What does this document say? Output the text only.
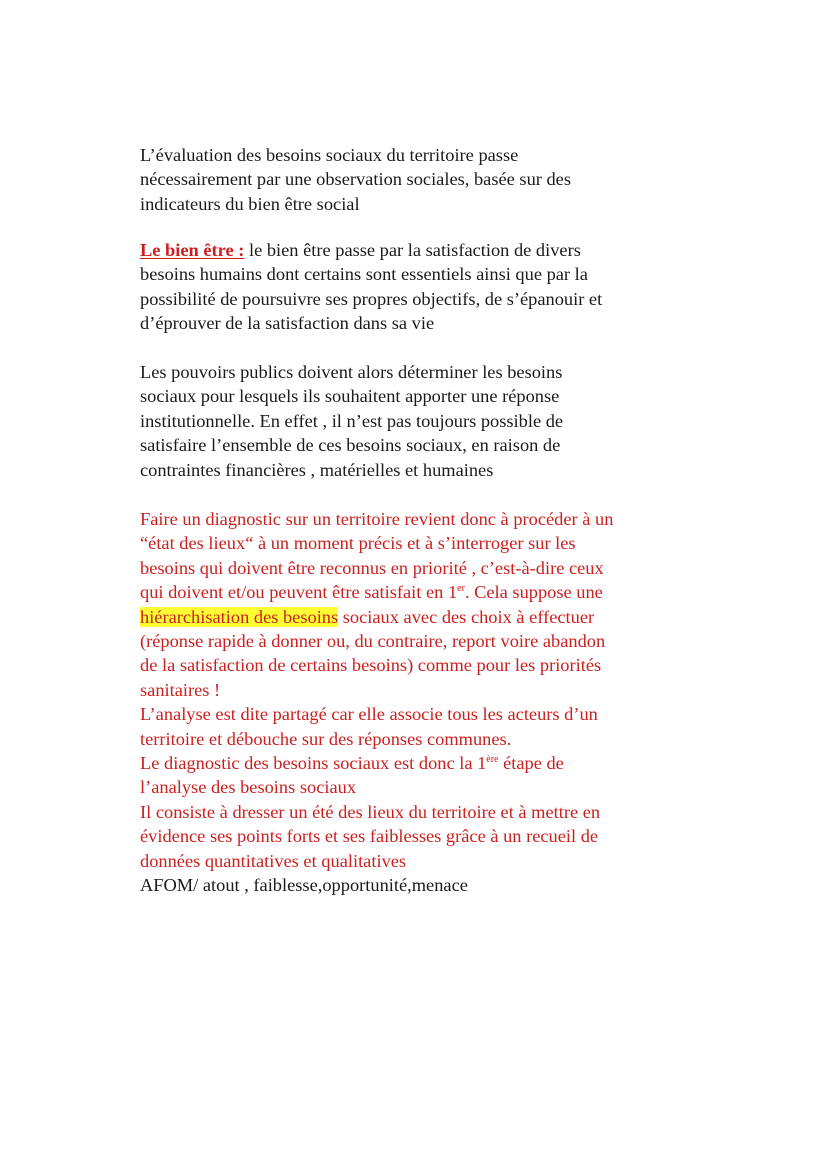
L’évaluation des besoins sociaux du territoire passe
nécessairement par une observation sociales, basée sur des
indicateurs du bien être social
Le bien être : le bien être passe par la satisfaction de divers
besoins humains dont certains sont essentiels ainsi que par la
possibilité de poursuivre ses propres objectifs, de s’épanouir et
d’éprouver de la satisfaction dans sa vie
Les pouvoirs publics doivent alors déterminer les besoins
sociaux pour lesquels ils souhaitent apporter une réponse
institutionnelle. En effet , il n’est pas toujours possible de
satisfaire l’ensemble de ces besoins sociaux, en raison de
contraintes financières , matérielles et humaines
Faire un diagnostic sur un territoire revient donc à procéder à un
“état des lieux“ à un moment précis et à s’interroger sur les
besoins qui doivent être reconnus en priorité , c’est-à-dire ceux
qui doivent et/ou peuvent être satisfait en 1er. Cela suppose une
hiérarchisation des besoins sociaux avec des choix à effectuer
(réponse rapide à donner ou, du contraire, report voire abandon
de la satisfaction de certains besoins) comme pour les priorités
sanitaires !
L’analyse est dite partagé car elle associe tous les acteurs d’un
territoire et débouche sur des réponses communes.
Le diagnostic des besoins sociaux est donc la 1ère étape de
l’analyse des besoins sociaux
Il consiste à dresser un été des lieux du territoire et à mettre en
évidence ses points forts et ses faiblesses grâce à un recueil de
données quantitatives et qualitatives
AFOM/ atout , faiblesse,opportunité,menace
